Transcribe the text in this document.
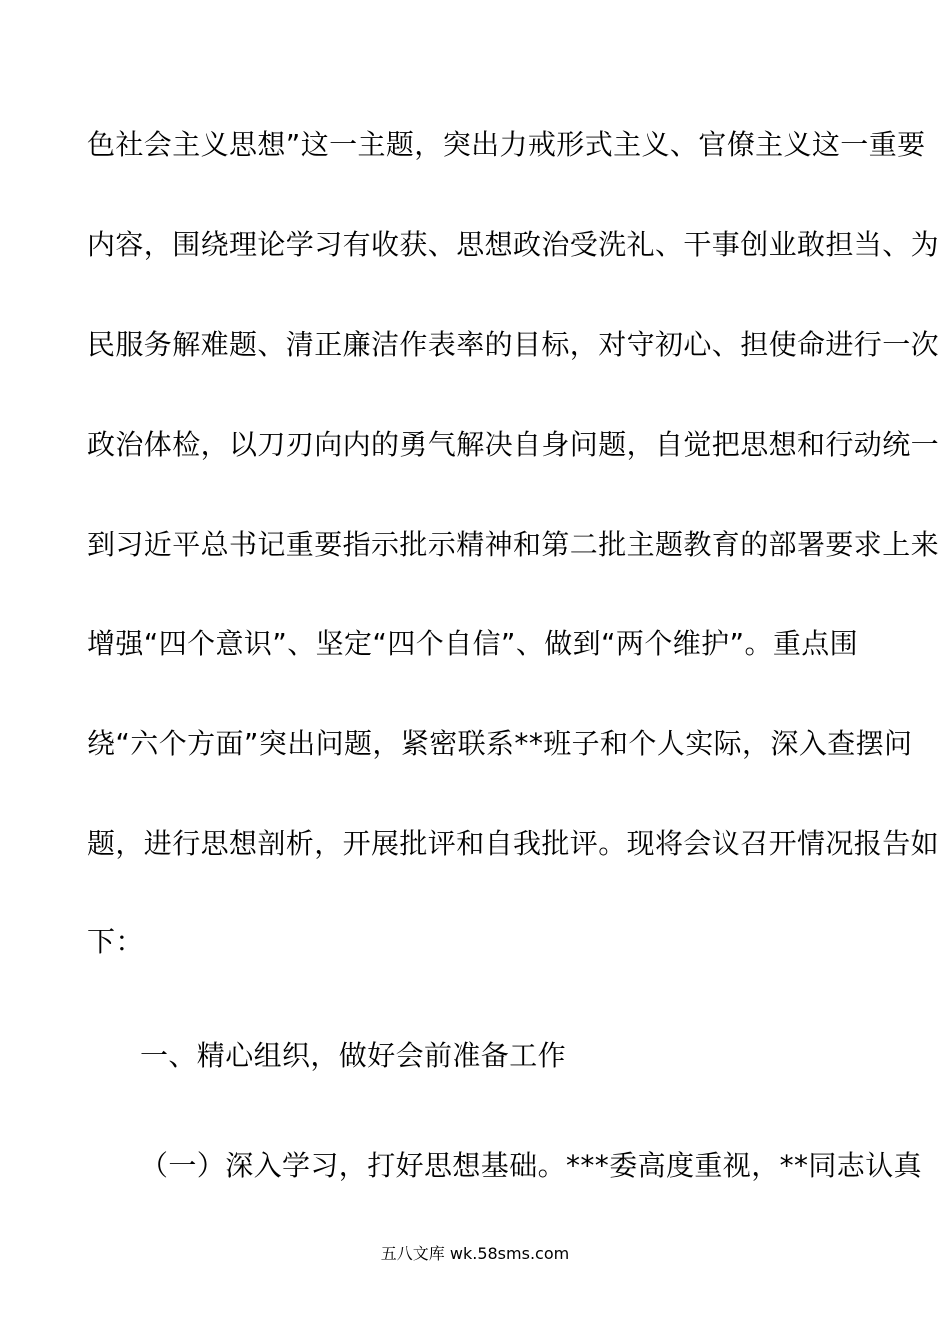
色社会主义思想”这一主题，突出力戒形式主义、官僚主义这一重要
内容，围绕理论学习有收获、思想政治受洗礼、干事创业敢担当、为
民服务解难题、清正廉洁作表率的目标，对守初心、担使命进行一次
政治体检，以刀刃向内的勇气解决自身问题，自觉把思想和行动统一
到习近平总书记重要指示批示精神和第二批主题教育的部署要求上来
增强“四个意识”、坚定“四个自信”、做到“两个维护”。重点围
绕“六个方面”突出问题，紧密联系**班子和个人实际，深入查摆问
题，进行思想剖析，开展批评和自我批评。现将会议召开情况报告如
下：
一、精心组织，做好会前准备工作
（一）深入学习，打好思想基础。***委高度重视，**同志认真
五八文库 wk.58sms.com
